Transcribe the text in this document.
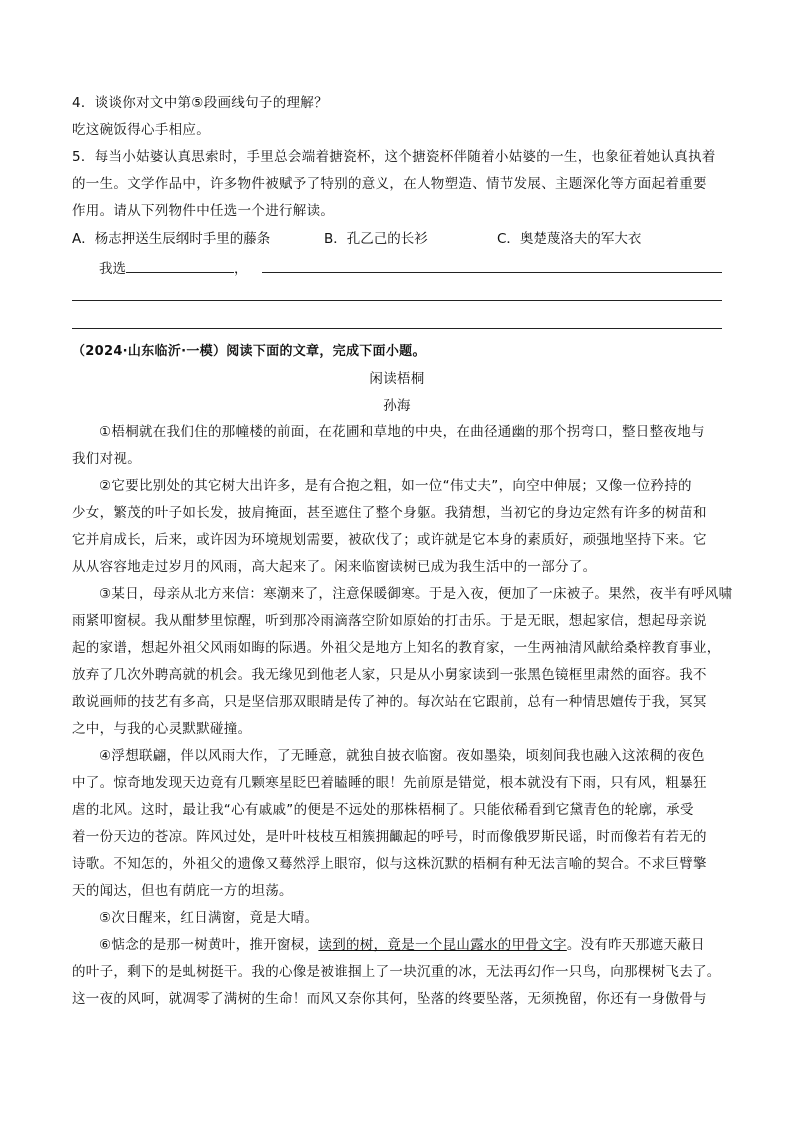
4．谈谈你对文中第⑤段画线句子的理解？
吃这碗饭得心手相应。
5．每当小姑婆认真思索时，手里总会端着搪瓷杯，这个搪瓷杯伴随着小姑婆的一生，也象征着她认真执着
的一生。文学作品中，许多物件被赋予了特别的意义，在人物塑造、情节发展、主题深化等方面起着重要
作用。请从下列物件中任选一个进行解读。
A．杨志押送生辰纲时手里的藤条	B．孔乙己的长衫	C．奥楚蔑洛夫的军大衣
我选	，
（2024·山东临沂·一模）阅读下面的文章，完成下面小题。
闲读梧桐
孙海
①梧桐就在我们住的那幢楼的前面，在花圃和草地的中央，在曲径通幽的那个拐弯口，整日整夜地与
我们对视。
②它要比别处的其它树大出许多，是有合抱之粗，如一位“伟丈夫”，向空中伸展；又像一位矜持的
少女，繁茂的叶子如长发，披肩掩面，甚至遮住了整个身躯。我猜想，当初它的身边定然有许多的树苗和
它并肩成长，后来，或许因为环境规划需要，被砍伐了；或许就是它本身的素质好，顽强地坚持下来。它
从从容容地走过岁月的风雨，高大起来了。闲来临窗读树已成为我生活中的一部分了。
③某日，母亲从北方来信：寒潮来了，注意保暖御寒。于是入夜，便加了一床被子。果然，夜半有呼风啸
雨紧叩窗棂。我从酣梦里惊醒，听到那冷雨滴落空阶如原始的打击乐。于是无眠，想起家信，想起母亲说
起的家谱，想起外祖父风雨如晦的际遇。外祖父是地方上知名的教育家，一生两袖清风献给桑梓教育事业，
放弃了几次外聘高就的机会。我无缘见到他老人家，只是从小舅家读到一张黑色镜框里肃然的面容。我不
敢说画师的技艺有多高，只是坚信那双眼睛是传了神的。每次站在它跟前，总有一种情思嬗传于我，冥冥
之中，与我的心灵默默碰撞。
④浮想联翩，伴以风雨大作，了无睡意，就独自披衣临窗。夜如墨染，顷刻间我也融入这浓稠的夜色
中了。惊奇地发现天边竟有几颗寒星眨巴着瞌睡的眼！先前原是错觉，根本就没有下雨，只有风，粗暴狂
虐的北风。这时，最让我“心有戚戚”的便是不远处的那株梧桐了。只能依稀看到它黛青色的轮廓，承受
着一份天边的苍凉。阵风过处，是叶叶枝枝互相簇拥齱起的呼号，时而像俄罗斯民谣，时而像若有若无的
诗歌。不知怎的，外祖父的遗像又蓦然浮上眼帘，似与这株沉默的梧桐有种无法言喻的契合。不求巨臂擎
天的闻达，但也有荫庇一方的坦荡。
⑤次日醒来，红日满窗，竟是大晴。
⑥惦念的是那一树黄叶，推开窗棂，读到的树，竟是一个昆山露水的甲骨文字。没有昨天那遮天蔽日
的叶子，剩下的是虬树挺干。我的心像是被谁掴上了一块沉重的冰，无法再幻作一只鸟，向那棵树飞去了。
这一夜的风呵，就凋零了满树的生命！而风又奈你其何，坠落的终要坠落，无须挽留，你还有一身傲骨与
